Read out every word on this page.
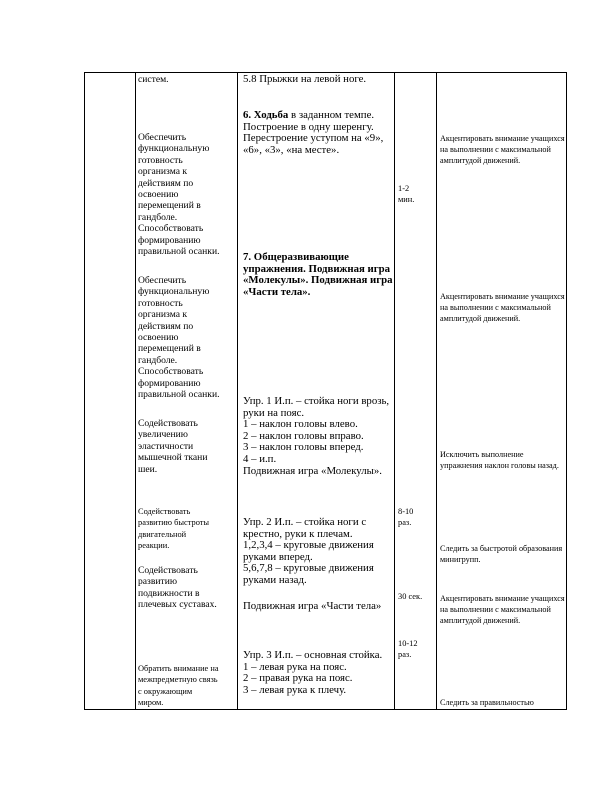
систем.
Обеспечить
функциональную
готовность
организма к
действиям по
освоению
перемещений в
гандболе.
Способствовать
формированию
правильной осанки.
Обеспечить
функциональную
готовность
организма к
действиям по
освоению
перемещений в
гандболе.
Способствовать
формированию
правильной осанки.
Содействовать
увеличению
эластичности
мышечной ткани
шеи.
Содействовать
развитию быстроты
двигательной
реакции.
Содействовать
развитию
подвижности в
плечевых суставах.
Обратить внимание на
межпредметную связь
с окружающим
миром.
5.8 Прыжки на левой ноге.
6. Ходьба в заданном темпе. Построение в одну шеренгу.
Перестроение уступом на «9», «6», «3», «на месте».
7. Общеразвивающие упражнения. Подвижная игра «Молекулы». Подвижная игра «Части тела».
Упр. 1 И.п. – стойка ноги врозь, руки на пояс.
1 – наклон головы влево.
2 – наклон головы вправо.
3 – наклон головы вперед.
4 – и.п.
Подвижная игра «Молекулы».
Упр. 2 И.п. – стойка ноги с крестно, руки к плечам.
1,2,3,4 – круговые движения руками вперед.
5,6,7,8 – круговые движения руками назад.
Подвижная игра «Части тела»
Упр. 3 И.п. – основная стойка.
1 – левая рука на пояс.
2 – правая рука на пояс.
3 – левая рука к плечу.
1-2
мин.
8-10
раз.
30 сек.
10-12
раз.
Акцентировать внимание учащихся на выполнении с максимальной амплитудой движений.
Акцентировать внимание учащихся на выполнении с максимальной амплитудой движений.
Исключить выполнение упражнения наклон головы назад.
Следить за быстротой образования минигрупп.
Акцентировать внимание учащихся на выполнении с максимальной амплитудой движений.
Следить за правильностью
